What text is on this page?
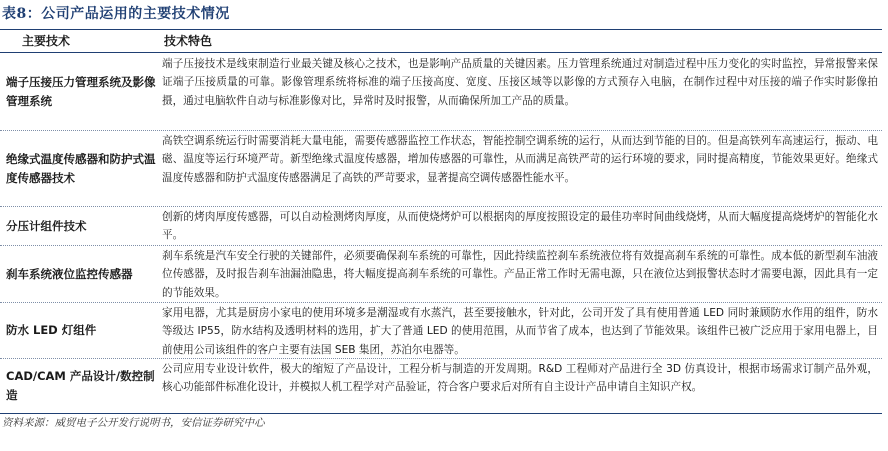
表8：公司产品运用的主要技术情况
主要技术	技术特色
端子压接压力管理系统及影像管理系统
端子压接技术是线束制造行业最关键及核心之技术，也是影响产品质量的关键因素。压力管理系统通过对制造过程中压力变化的实时监控，异常报警来保证端子压接质量的可靠。影像管理系统将标准的端子压接高度、宽度、压接区域等以影像的方式预存入电脑，在制作过程中对压接的端子作实时影像拍摄，通过电脑软件自动与标准影像对比，异常时及时报警，从而确保所加工产品的质量。
绝缘式温度传感器和防护式温度传感器技术
高铁空调系统运行时需要消耗大量电能，需要传感器监控工作状态，智能控制空调系统的运行，从而达到节能的目的。但是高铁列车高速运行，振动、电磁、温度等运行环境严苛。新型绝缘式温度传感器，增加传感器的可靠性，从而满足高铁严苛的运行环境的要求，同时提高精度，节能效果更好。绝缘式温度传感器和防护式温度传感器满足了高铁的严苛要求，显著提高空调传感器性能水平。
分压计组件技术
创新的烤肉厚度传感器，可以自动检测烤肉厚度，从而使烧烤炉可以根据肉的厚度按照设定的最佳功率时间曲线烧烤，从而大幅度提高烧烤炉的智能化水平。
刹车系统液位监控传感器
刹车系统是汽车安全行驶的关键部件，必须要确保刹车系统的可靠性，因此持续监控刹车系统液位将有效提高刹车系统的可靠性。成本低的新型刹车油液位传感器，及时报告刹车油漏油隐患，将大幅度提高刹车系统的可靠性。产品正常工作时无需电源，只在液位达到报警状态时才需要电源，因此具有一定的节能效果。
防水 LED 灯组件
家用电器，尤其是厨房小家电的使用环境多是潮湿或有水蒸汽，甚至要接触水，针对此，公司开发了具有使用普通 LED 同时兼顾防水作用的组件，防水等级达 IP55，防水结构及透明材料的选用，扩大了普通 LED 的使用范围，从而节省了成本，也达到了节能效果。该组件已被广泛应用于家用电器上，目前使用公司该组件的客户主要有法国 SEB 集团，苏泊尔电器等。
CAD/CAM 产品设计/数控制造
公司应用专业设计软件，极大的缩短了产品设计，工程分析与制造的开发周期。R&D 工程师对产品进行全 3D 仿真设计，根据市场需求订制产品外观，核心功能部件标准化设计，并模拟人机工程学对产品验证，符合客户要求后对所有自主设计产品申请自主知识产权。
资料来源：威贸电子公开发行说明书，安信证券研究中心
